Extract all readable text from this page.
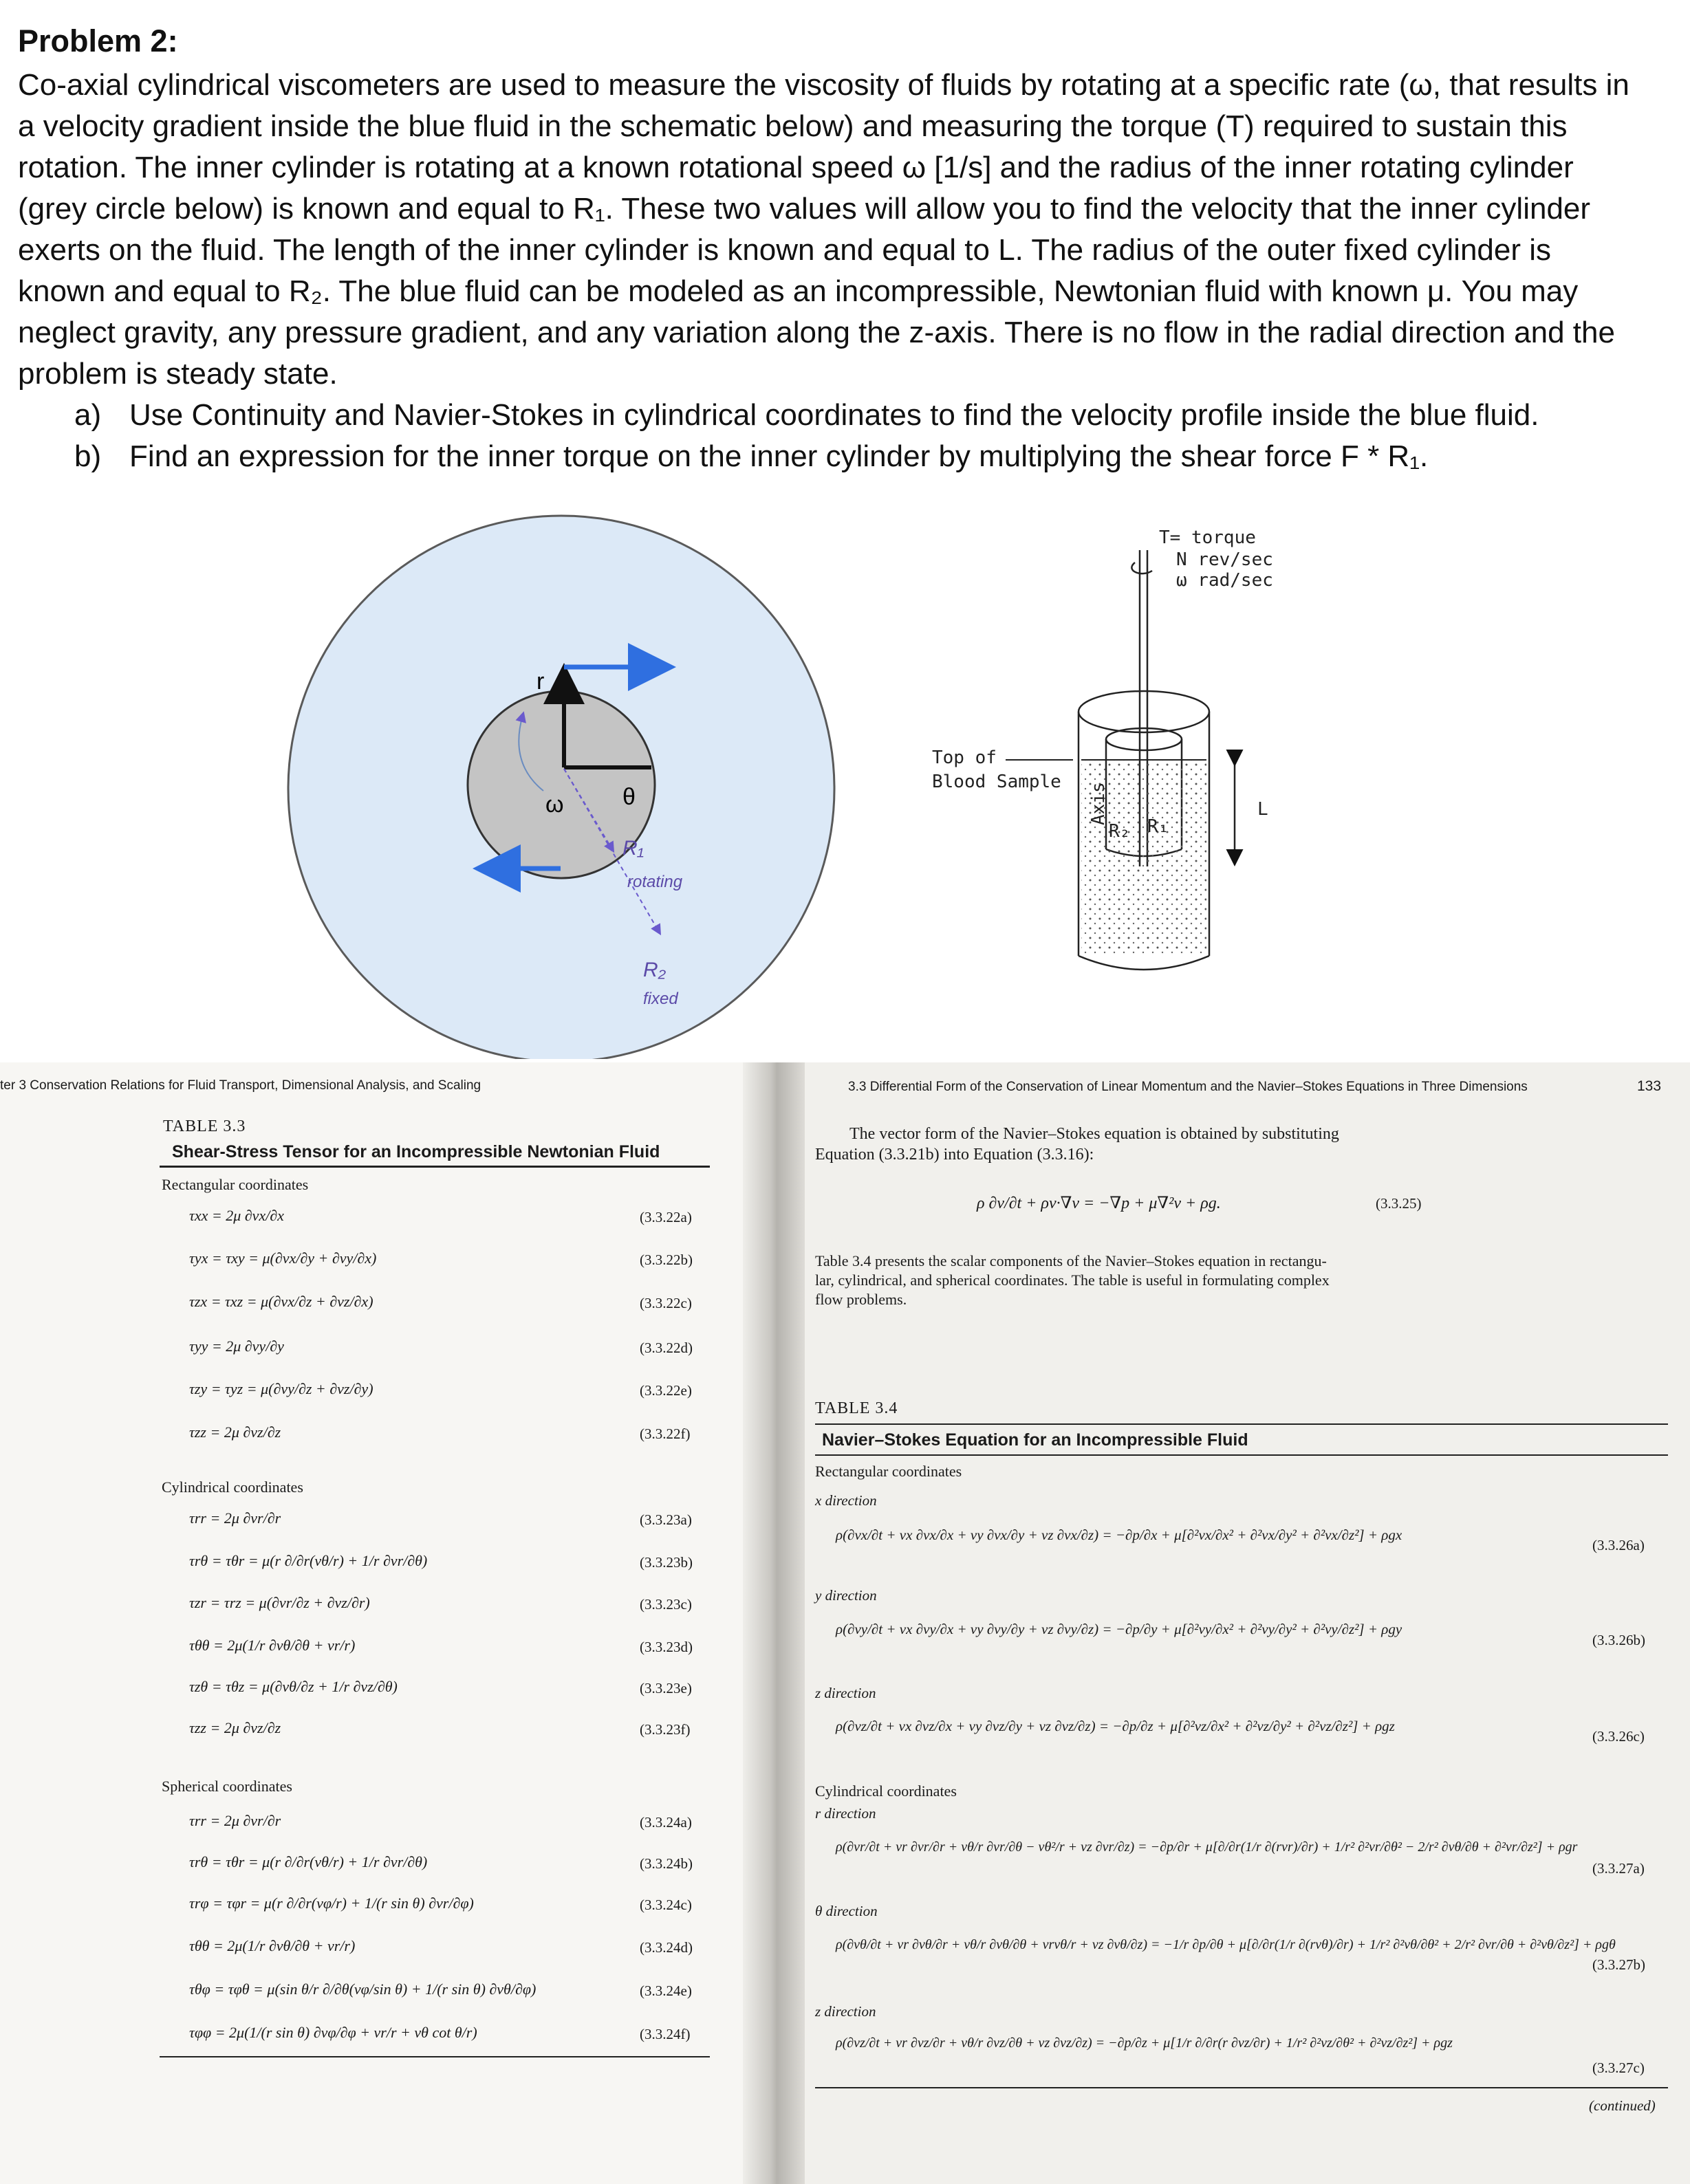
Problem 2:

Co-axial cylindrical viscometers are used to measure the viscosity of fluids by rotating at a specific rate (ω, that results in

a velocity gradient inside the blue fluid in the schematic below) and measuring the torque (T) required to sustain this

rotation. The inner cylinder is rotating at a known rotational speed ω [1/s] and the radius of the inner rotating cylinder

(grey circle below) is known and equal to R₁. These two values will allow you to find the velocity that the inner cylinder

exerts on the fluid. The length of the inner cylinder is known and equal to L. The radius of the outer fixed cylinder is

known and equal to R₂. The blue fluid can be modeled as an incompressible, Newtonian fluid with known μ. You may

neglect gravity, any pressure gradient, and any variation along the z-axis. There is no flow in the radial direction and the

problem is steady state.

a) Use Continuity and Navier-Stokes in cylindrical coordinates to find the velocity profile inside the blue fluid.
b) Find an expression for the inner torque on the inner cylinder by multiplying the shear force F * R₁.
r
θ
ω
R₁
rotating
R₂
fixed
T= torque
N rev/sec
ω rad/sec
Top of
Blood Sample
Axis
R₂ R₁
L
ter 3 Conservation Relations for Fluid Transport, Dimensional Analysis, and Scaling	3.3 Differential Form of the Conservation of Linear Momentum and the Navier–Stokes Equations in Three Dimensions	133
TABLE 3.3
Shear-Stress Tensor for an Incompressible Newtonian Fluid
Rectangular coordinates
τxx = 2μ ∂vx/∂x	(3.3.22a)
τyx = τxy = μ(∂vx/∂y + ∂vy/∂x)	(3.3.22b)
τzx = τxz = μ(∂vx/∂z + ∂vz/∂x)	(3.3.22c)
τyy = 2μ ∂vy/∂y	(3.3.22d)
τzy = τyz = μ(∂vy/∂z + ∂vz/∂y)	(3.3.22e)
τzz = 2μ ∂vz/∂z	(3.3.22f)
Cylindrical coordinates
τrr = 2μ ∂vr/∂r	(3.3.23a)
τrθ = τθr = μ(r ∂/∂r(vθ/r) + 1/r ∂vr/∂θ)	(3.3.23b)
τzr = τrz = μ(∂vr/∂z + ∂vz/∂r)	(3.3.23c)
τθθ = 2μ(1/r ∂vθ/∂θ + vr/r)	(3.3.23d)
τzθ = τθz = μ(∂vθ/∂z + 1/r ∂vz/∂θ)	(3.3.23e)
τzz = 2μ ∂vz/∂z	(3.3.23f)
Spherical coordinates
τrr = 2μ ∂vr/∂r	(3.3.24a)
τrθ = τθr = μ(r ∂/∂r(vθ/r) + 1/r ∂vr/∂θ)	(3.3.24b)
τrφ = τφr = μ(r ∂/∂r(vφ/r) + 1/(r sin θ) ∂vr/∂φ)	(3.3.24c)
τθθ = 2μ(1/r ∂vθ/∂θ + vr/r)	(3.3.24d)
τθφ = τφθ = μ(sin θ/r ∂/∂θ(vφ/sin θ) + 1/(r sin θ) ∂vθ/∂φ)	(3.3.24e)
τφφ = 2μ(1/(r sin θ) ∂vφ/∂φ + vr/r + vθ cot θ/r)	(3.3.24f)
The vector form of the Navier–Stokes equation is obtained by substituting
Equation (3.3.21b) into Equation (3.3.16):
ρ ∂v/∂t + ρv·∇v = −∇p + μ∇²v + ρg.	(3.3.25)
Table 3.4 presents the scalar components of the Navier–Stokes equation in rectangu-
lar, cylindrical, and spherical coordinates. The table is useful in formulating complex
flow problems.
TABLE 3.4
Navier–Stokes Equation for an Incompressible Fluid
Rectangular coordinates
x direction
ρ(∂vx/∂t + vx ∂vx/∂x + vy ∂vx/∂y + vz ∂vx/∂z) = −∂p/∂x + μ[∂²vx/∂x² + ∂²vx/∂y² + ∂²vx/∂z²] + ρgx
(3.3.26a)
y direction
ρ(∂vy/∂t + vx ∂vy/∂x + vy ∂vy/∂y + vz ∂vy/∂z) = −∂p/∂y + μ[∂²vy/∂x² + ∂²vy/∂y² + ∂²vy/∂z²] + ρgy
(3.3.26b)
z direction
ρ(∂vz/∂t + vx ∂vz/∂x + vy ∂vz/∂y + vz ∂vz/∂z) = −∂p/∂z + μ[∂²vz/∂x² + ∂²vz/∂y² + ∂²vz/∂z²] + ρgz
(3.3.26c)
Cylindrical coordinates
r direction
ρ(∂vr/∂t + vr ∂vr/∂r + vθ/r ∂vr/∂θ − vθ²/r + vz ∂vr/∂z) = −∂p/∂r + μ[∂/∂r(1/r ∂(rvr)/∂r) + 1/r² ∂²vr/∂θ² − 2/r² ∂vθ/∂θ + ∂²vr/∂z²] + ρgr
(3.3.27a)
θ direction
ρ(∂vθ/∂t + vr ∂vθ/∂r + vθ/r ∂vθ/∂θ + vrvθ/r + vz ∂vθ/∂z) = −1/r ∂p/∂θ + μ[∂/∂r(1/r ∂(rvθ)/∂r) + 1/r² ∂²vθ/∂θ² + 2/r² ∂vr/∂θ + ∂²vθ/∂z²] + ρgθ
(3.3.27b)
z direction
ρ(∂vz/∂t + vr ∂vz/∂r + vθ/r ∂vz/∂θ + vz ∂vz/∂z) = −∂p/∂z + μ[1/r ∂/∂r(r ∂vz/∂r) + 1/r² ∂²vz/∂θ² + ∂²vz/∂z²] + ρgz
(3.3.27c)
(continued)
